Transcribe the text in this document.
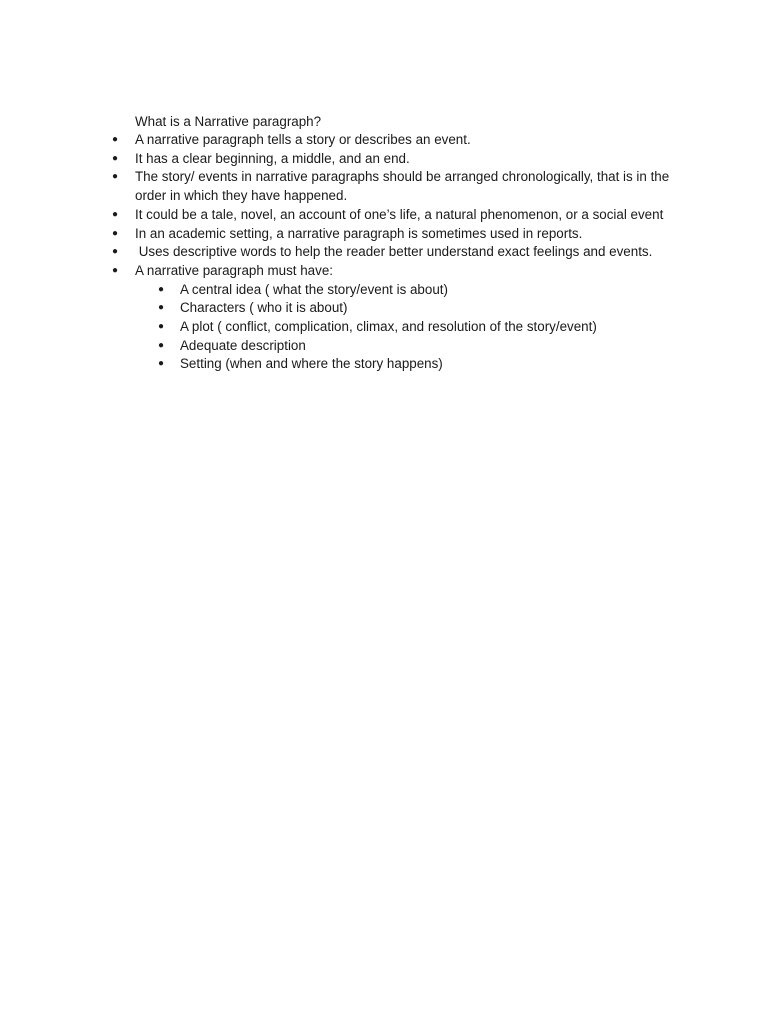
What is a Narrative paragraph?
● A narrative paragraph tells a story or describes an event.
● It has a clear beginning, a middle, and an end.
● The story/ events in narrative paragraphs should be arranged chronologically, that is in the order in which they have happened.
● It could be a tale, novel, an account of one’s life, a natural phenomenon, or a social event
● In an academic setting, a narrative paragraph is sometimes used in reports.
● Uses descriptive words to help the reader better understand exact feelings and events.
● A narrative paragraph must have:
● A central idea ( what the story/event is about)
● Characters ( who it is about)
● A plot ( conflict, complication, climax, and resolution of the story/event)
● Adequate description
● Setting (when and where the story happens)
